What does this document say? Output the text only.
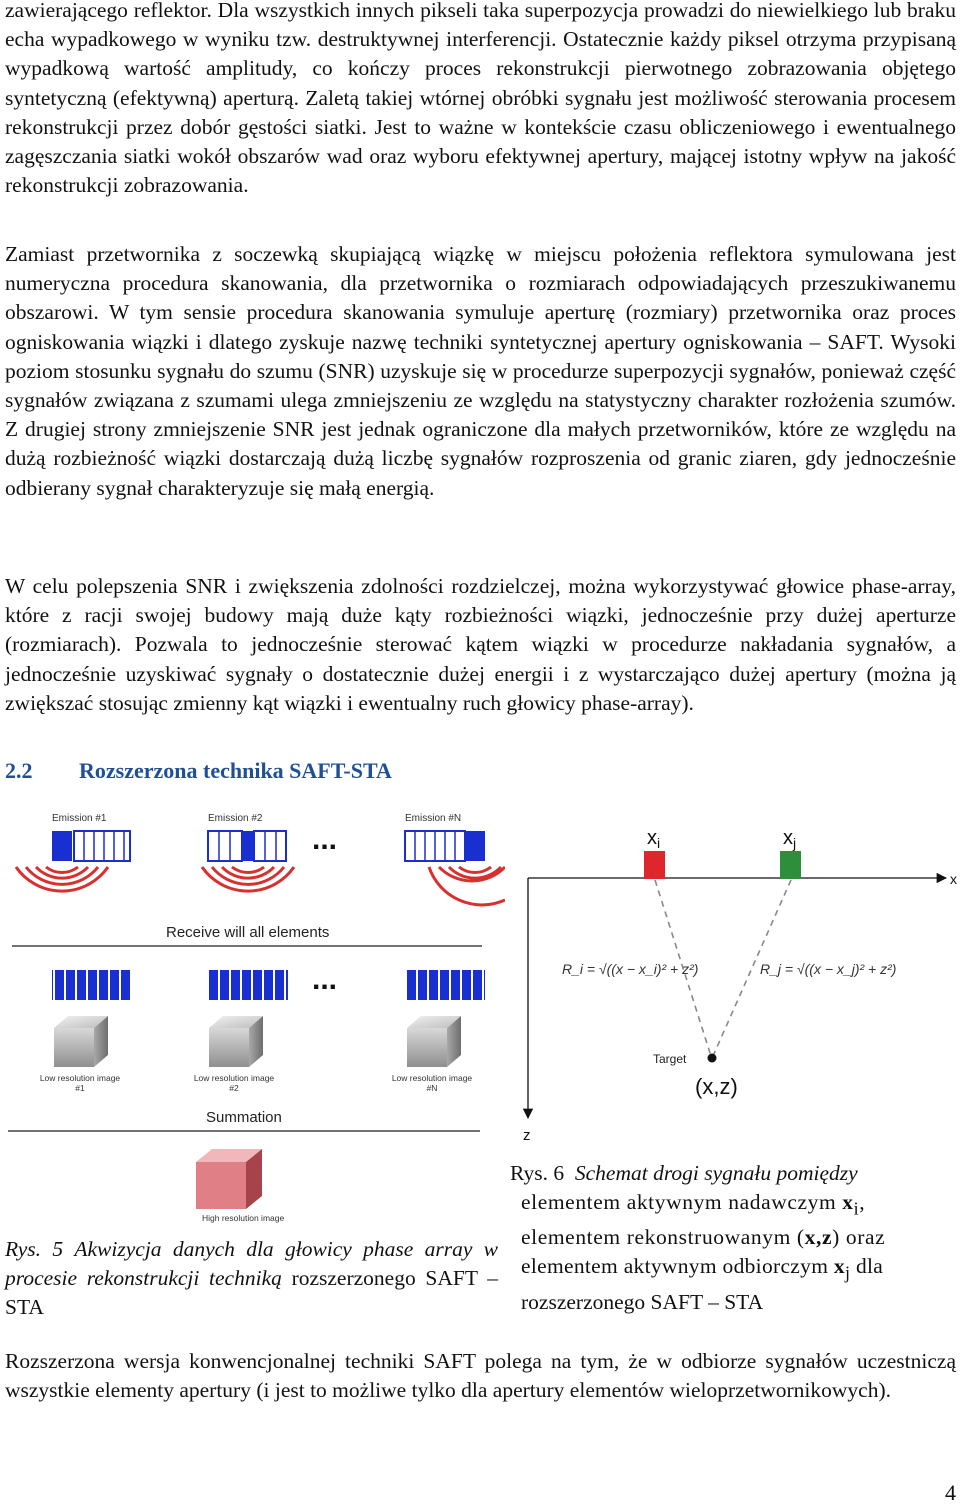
zawierającego reflektor. Dla wszystkich innych pikseli taka superpozycja prowadzi do niewielkiego lub braku echa wypadkowego w wyniku tzw. destruktywnej interferencji. Ostatecznie każdy piksel otrzyma przypisaną wypadkową wartość amplitudy, co kończy proces rekonstrukcji pierwotnego zobrazowania objętego syntetyczną (efektywną) aperturą. Zaletą takiej wtórnej obróbki sygnału jest możliwość sterowania procesem rekonstrukcji przez dobór gęstości siatki. Jest to ważne w kontekście czasu obliczeniowego i ewentualnego zagęszczania siatki wokół obszarów wad oraz wyboru efektywnej apertury, mającej istotny wpływ na jakość rekonstrukcji zobrazowania.

Zamiast przetwornika z soczewką skupiającą wiązkę w miejscu położenia reflektora symulowana jest numeryczna procedura skanowania, dla przetwornika o rozmiarach odpowiadających przeszukiwanemu obszarowi. W tym sensie procedura skanowania symuluje aperturę (rozmiary) przetwornika oraz proces ogniskowania wiązki i dlatego zyskuje nazwę techniki syntetycznej apertury ogniskowania – SAFT. Wysoki poziom stosunku sygnału do szumu (SNR) uzyskuje się w procedurze superpozycji sygnałów, ponieważ część sygnałów związana z szumami ulega zmniejszeniu ze względu na statystyczny charakter rozłożenia szumów. Z drugiej strony zmniejszenie SNR jest jednak ograniczone dla małych przetworników, które ze względu na dużą rozbieżność wiązki dostarczają dużą liczbę sygnałów rozproszenia od granic ziaren, gdy jednocześnie odbierany sygnał charakteryzuje się małą energią.

W celu polepszenia SNR i zwiększenia zdolności rozdzielczej, można wykorzystywać głowice phase-array, które z racji swojej budowy mają duże kąty rozbieżności wiązki, jednocześnie przy dużej aperturze (rozmiarach). Pozwala to jednocześnie sterować kątem wiązki w procedurze nakładania sygnałów, a jednocześnie uzyskiwać sygnały o dostatecznie dużej energii i z wystarczająco dużej apertury (można ją zwiększać stosując zmienny kąt wiązki i ewentualny ruch głowicy phase-array).

2.2 Rozszerzona technika SAFT-STA
Emission #1	Emission #2	Emission #N
...
Receive will all elements
...
Low resolution image
#1
Low resolution image
#2
Low resolution image
#N
Summation
High resolution image
x
z
$x_i$	$x_j$
R_i = √((x − x_i)² + z²)	R_j = √((x − x_j)² + z²)
Target
(x,z)

Rys. 5 Akwizycja danych dla głowicy phase array w procesie rekonstrukcji techniką rozszerzonego SAFT – STA

Rys. 6 Schemat drogi sygnału pomiędzy
elementem aktywnym nadawczym $x_i$,
elementem rekonstruowanym (x,z) oraz
elementem aktywnym odbiorczym $x_j$ dla
rozszerzonego SAFT – STA

Rozszerzona wersja konwencjonalnej techniki SAFT polega na tym, że w odbiorze sygnałów uczestniczą wszystkie elementy apertury (i jest to możliwe tylko dla apertury elementów wieloprzetwornikowych).

4
